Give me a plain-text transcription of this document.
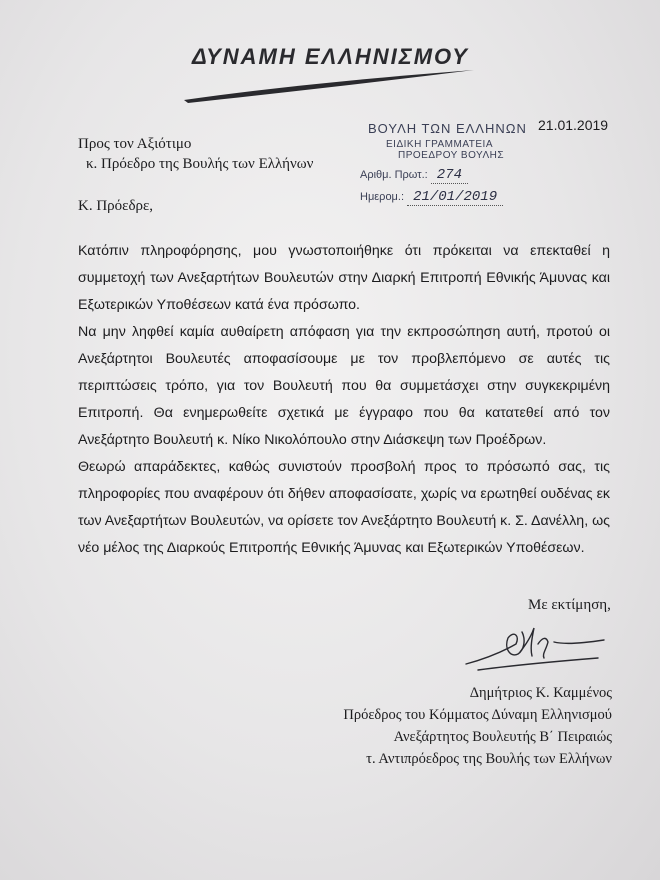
ΔΥΝΑΜΗ ΕΛΛΗΝΙΣΜΟΥ
ΒΟΥΛΗ ΤΩΝ ΕΛΛΗΝΩΝ
ΕΙΔΙΚΗ ΓΡΑΜΜΑΤΕΙΑ
ΠΡΟΕΔΡΟΥ ΒΟΥΛΗΣ
Αριθμ. Πρωτ.: 274
Ημερομ.: 21/01/2019
21.01.2019
Προς τον Αξιότιμο
κ. Πρόεδρο της Βουλής των Ελλήνων
Κ. Πρόεδρε,

Κατόπιν πληροφόρησης, μου γνωστοποιήθηκε ότι πρόκειται να επεκταθεί η συμμετοχή των Ανεξαρτήτων Βουλευτών στην Διαρκή Επιτροπή Εθνικής Άμυνας και Εξωτερικών Υποθέσεων κατά ένα πρόσωπο.

Να μην ληφθεί καμία αυθαίρετη απόφαση για την εκπροσώπηση αυτή, προτού οι Ανεξάρτητοι Βουλευτές αποφασίσουμε με τον προβλεπόμενο σε αυτές τις περιπτώσεις τρόπο, για τον Βουλευτή που θα συμμετάσχει στην συγκεκριμένη Επιτροπή. Θα ενημερωθείτε σχετικά με έγγραφο που θα κατατεθεί από τον Ανεξάρτητο Βουλευτή κ. Νίκο Νικολόπουλο στην Διάσκεψη των Προέδρων.

Θεωρώ απαράδεκτες, καθώς συνιστούν προσβολή προς το πρόσωπό σας, τις πληροφορίες που αναφέρουν ότι δήθεν αποφασίσατε, χωρίς να ερωτηθεί ουδένας εκ των Ανεξαρτήτων Βουλευτών, να ορίσετε τον Ανεξάρτητο Βουλευτή κ. Σ. Δανέλλη, ως νέο μέλος της Διαρκούς Επιτροπής Εθνικής Άμυνας και Εξωτερικών Υποθέσεων.

Με εκτίμηση,
Δημήτριος Κ. Καμμένος
Πρόεδρος του Κόμματος Δύναμη Ελληνισμού
Ανεξάρτητος Βουλευτής Β΄ Πειραιώς
τ. Αντιπρόεδρος της Βουλής των Ελλήνων
